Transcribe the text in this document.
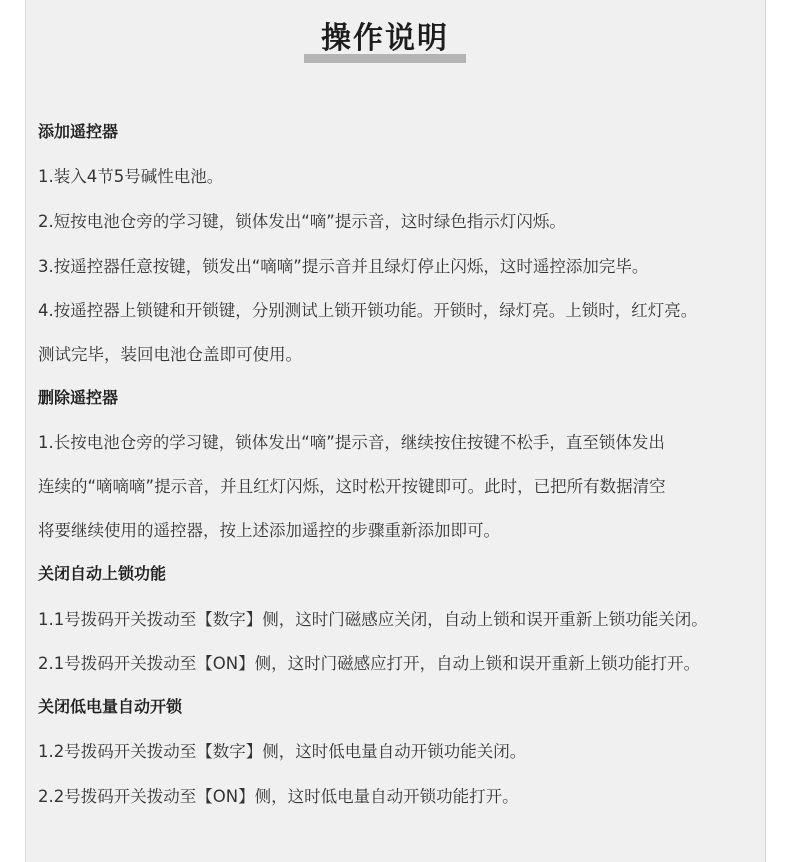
操作说明
添加遥控器
1.装入4节5号碱性电池。
2.短按电池仓旁的学习键，锁体发出“嘀”提示音，这时绿色指示灯闪烁。
3.按遥控器任意按键，锁发出“嘀嘀”提示音并且绿灯停止闪烁，这时遥控添加完毕。
4.按遥控器上锁键和开锁键，分别测试上锁开锁功能。开锁时，绿灯亮。上锁时，红灯亮。
测试完毕，装回电池仓盖即可使用。
删除遥控器
1.长按电池仓旁的学习键，锁体发出“嘀”提示音，继续按住按键不松手，直至锁体发出
连续的“嘀嘀嘀”提示音，并且红灯闪烁，这时松开按键即可。此时，已把所有数据清空
将要继续使用的遥控器，按上述添加遥控的步骤重新添加即可。
关闭自动上锁功能
1.1号拨码开关拨动至【数字】侧，这时门磁感应关闭，自动上锁和误开重新上锁功能关闭。
2.1号拨码开关拨动至【ON】侧，这时门磁感应打开，自动上锁和误开重新上锁功能打开。
关闭低电量自动开锁
1.2号拨码开关拨动至【数字】侧，这时低电量自动开锁功能关闭。
2.2号拨码开关拨动至【ON】侧，这时低电量自动开锁功能打开。
